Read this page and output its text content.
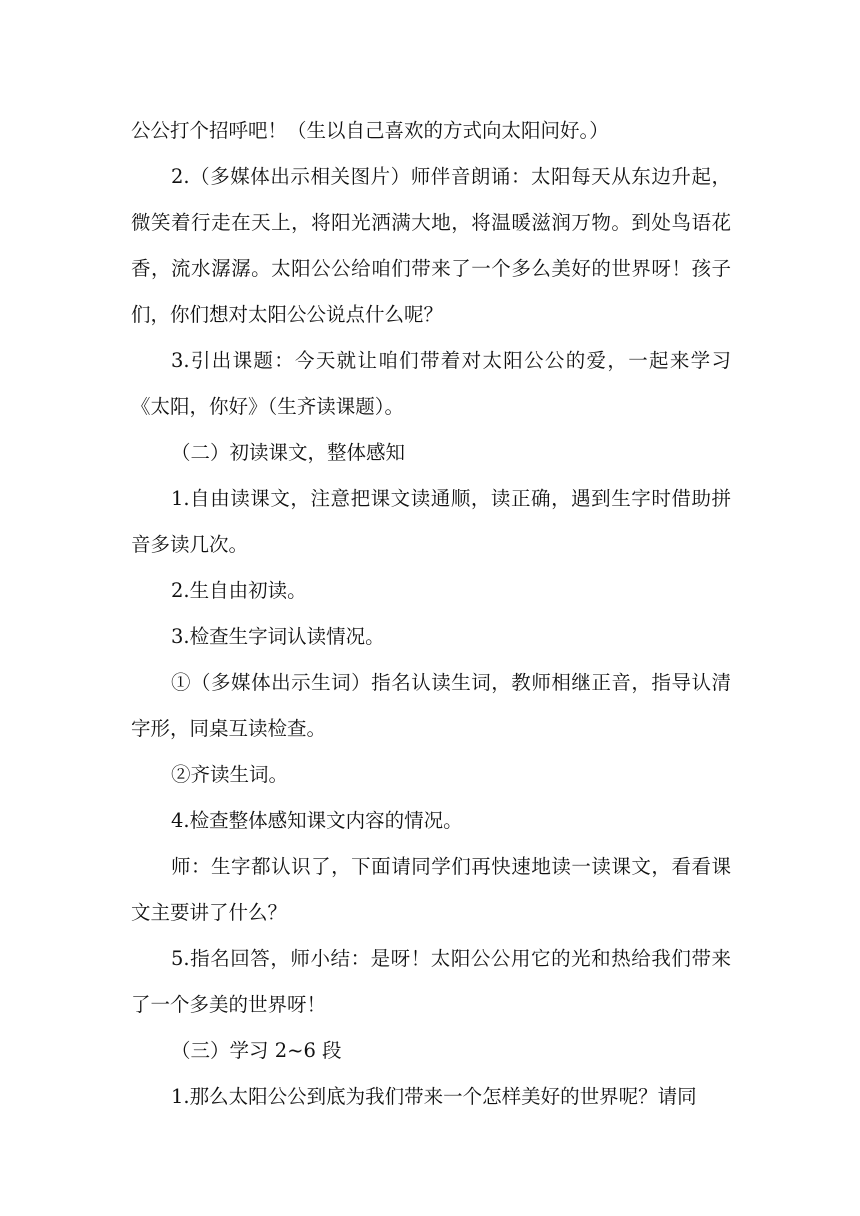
公公打个招呼吧！（生以自己喜欢的方式向太阳问好。）

2.（多媒体出示相关图片）师伴音朗诵：太阳每天从东边升起，微笑着行走在天上，将阳光洒满大地，将温暖滋润万物。到处鸟语花香，流水潺潺。太阳公公给咱们带来了一个多么美好的世界呀！孩子们，你们想对太阳公公说点什么呢？

3.引出课题：今天就让咱们带着对太阳公公的爱，一起来学习《太阳，你好》（生齐读课题）。

（二）初读课文，整体感知

1.自由读课文，注意把课文读通顺，读正确，遇到生字时借助拼音多读几次。

2.生自由初读。

3.检查生字词认读情况。

①（多媒体出示生词）指名认读生词，教师相继正音，指导认清字形，同桌互读检查。

②齐读生词。

4.检查整体感知课文内容的情况。

师：生字都认识了，下面请同学们再快速地读一读课文，看看课文主要讲了什么？

5.指名回答，师小结：是呀！太阳公公用它的光和热给我们带来了一个多美的世界呀！

（三）学习 2~6 段

1.那么太阳公公到底为我们带来一个怎样美好的世界呢？请同
